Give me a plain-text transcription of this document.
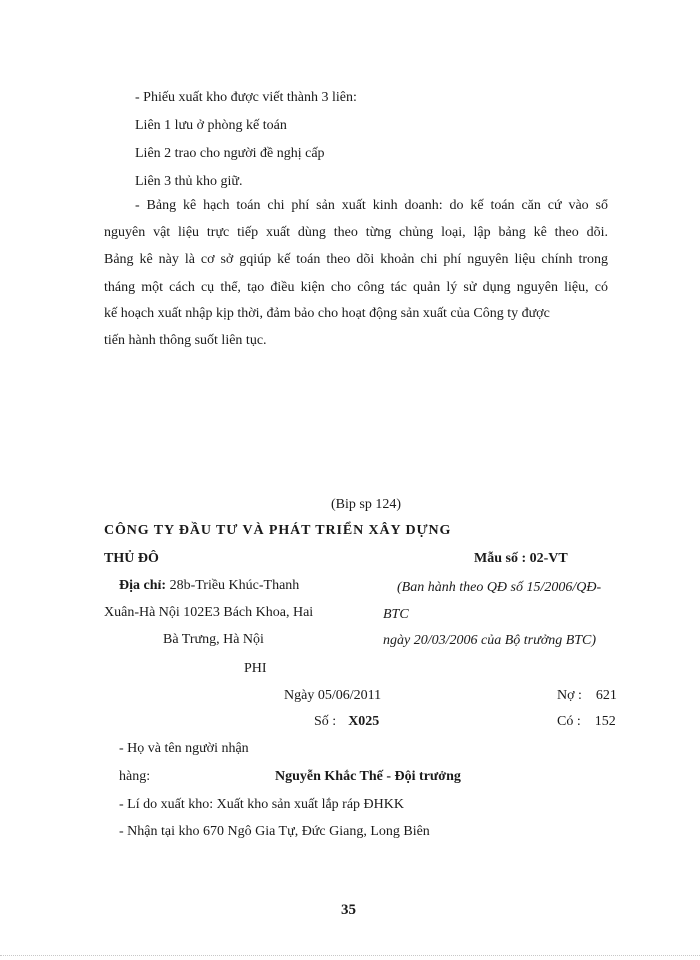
- Phiếu xuất kho được viết thành 3 liên:
Liên 1 lưu ở phòng kế toán
Liên 2 trao cho người đề nghị cấp
Liên 3 thủ kho giữ.
- Bảng kê hạch toán chi phí sản xuất kinh doanh: do kế toán căn cứ vào sổ
nguyên vật liệu trực tiếp xuất dùng theo từng chủng loại, lập bảng kê theo dõi.
Bảng kê này là cơ sở gqiúp kế toán theo dõi khoản chi phí nguyên liệu chính trong
tháng một cách cụ thể, tạo điều kiện cho công tác quản lý sử dụng nguyên liệu, có
kế hoạch xuất nhập kịp thời, đảm bảo cho hoạt động sản xuất của Công ty được
tiến hành thông suốt liên tục.
(Bip sp 124)
CÔNG TY ĐẦU TƯ VÀ PHÁT TRIỂN XÂY DỰNG
THỦ ĐÔ	Mẫu số : 02-VT
Địa chỉ: 28b-Triều Khúc-Thanh
Xuân-Hà Nội 102E3 Bách Khoa, Hai
Bà Trưng, Hà Nội
(Ban hành theo QĐ số 15/2006/QĐ-
BTC
ngày 20/03/2006 của Bộ trưởng BTC)
PHI
Ngày 05/06/2011	Nợ : 621
Số : X025	Có : 152
- Họ và tên người nhận
hàng:	Nguyễn Khắc Thế - Đội trưởng
- Lí do xuất kho: Xuất kho sản xuất lắp ráp ĐHKK
- Nhận tại kho 670 Ngô Gia Tự, Đức Giang, Long Biên
35
